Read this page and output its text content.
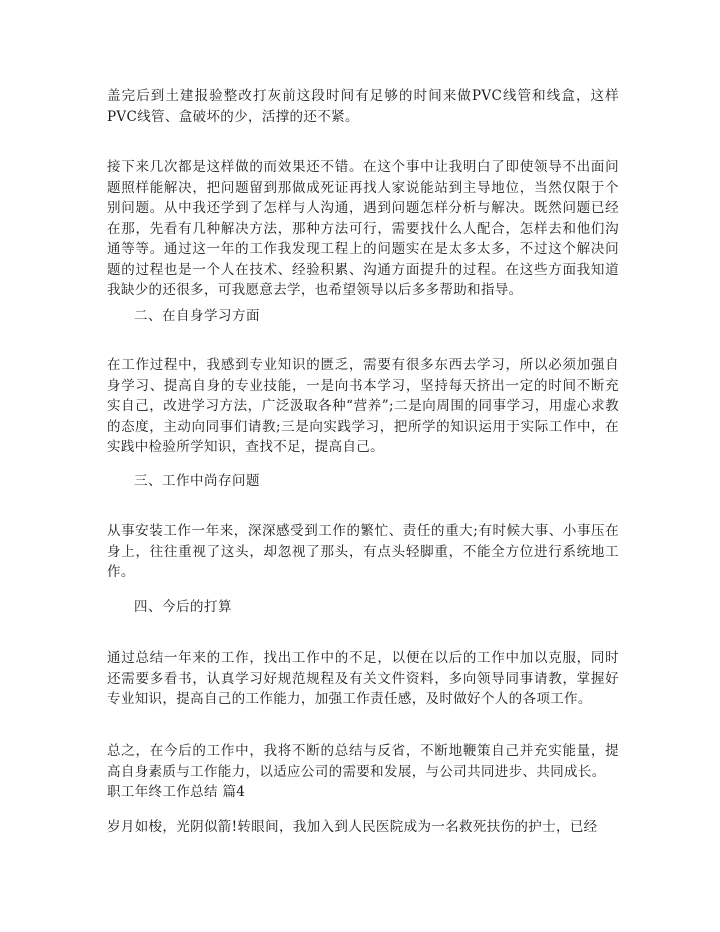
盖完后到土建报验整改打灰前这段时间有足够的时间来做PVC线管和线盒，这样PVC线管、盒破坏的少，活撑的还不紧。

接下来几次都是这样做的而效果还不错。在这个事中让我明白了即使领导不出面问题照样能解决，把问题留到那做成死证再找人家说能站到主导地位，当然仅限于个别问题。从中我还学到了怎样与人沟通，遇到问题怎样分析与解决。既然问题已经在那，先看有几种解决方法，那种方法可行，需要找什么人配合，怎样去和他们沟通等等。通过这一年的工作我发现工程上的问题实在是太多太多，不过这个解决问题的过程也是一个人在技术、经验积累、沟通方面提升的过程。在这些方面我知道我缺少的还很多，可我愿意去学，也希望领导以后多多帮助和指导。

二、在自身学习方面

在工作过程中，我感到专业知识的匮乏，需要有很多东西去学习，所以必须加强自身学习、提高自身的专业技能，一是向书本学习，坚持每天挤出一定的时间不断充实自己，改进学习方法，广泛汲取各种“营养”;二是向周围的同事学习，用虚心求教的态度，主动向同事们请教;三是向实践学习，把所学的知识运用于实际工作中，在实践中检验所学知识，查找不足，提高自己。

三、工作中尚存问题

从事安装工作一年来，深深感受到工作的繁忙、责任的重大;有时候大事、小事压在身上，往往重视了这头，却忽视了那头，有点头轻脚重，不能全方位进行系统地工作。

四、今后的打算

通过总结一年来的工作，找出工作中的不足，以便在以后的工作中加以克服，同时还需要多看书，认真学习好规范规程及有关文件资料，多向领导同事请教，掌握好专业知识，提高自己的工作能力，加强工作责任感，及时做好个人的各项工作。

总之，在今后的工作中，我将不断的总结与反省，不断地鞭策自己并充实能量，提高自身素质与工作能力，以适应公司的需要和发展，与公司共同进步、共同成长。

职工年终工作总结 篇4

岁月如梭，光阴似箭!转眼间，我加入到人民医院成为一名救死扶伤的护士，已经
